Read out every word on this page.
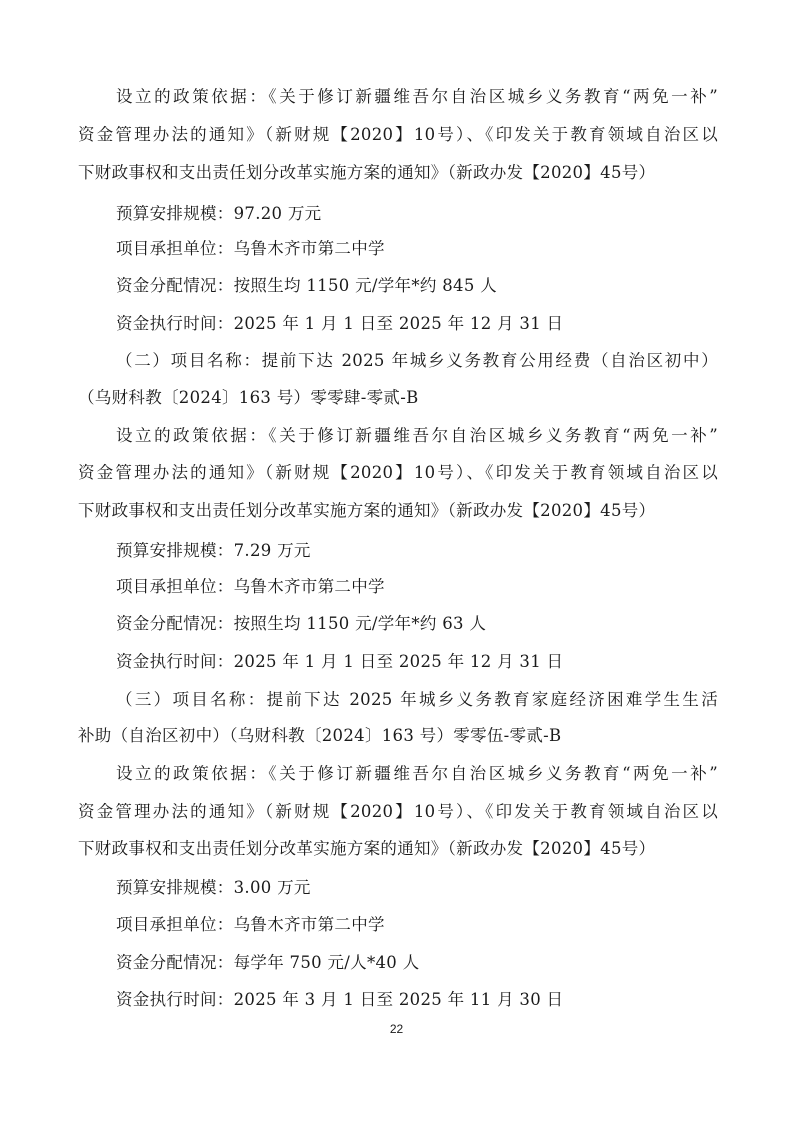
设立的政策依据：《关于修订新疆维吾尔自治区城乡义务教育“两免一补”
资金管理办法的通知》（新财规【2020】10号）、《印发关于教育领域自治区以
下财政事权和支出责任划分改革实施方案的通知》（新政办发【2020】45号）
预算安排规模：97.20 万元
项目承担单位：乌鲁木齐市第二中学
资金分配情况：按照生均 1150 元/学年*约 845 人
资金执行时间：2025 年 1 月 1 日至 2025 年 12 月 31 日
（二）项目名称：提前下达 2025 年城乡义务教育公用经费（自治区初中）
（乌财科教〔2024〕163 号）零零肆-零贰-B
设立的政策依据：《关于修订新疆维吾尔自治区城乡义务教育“两免一补”
资金管理办法的通知》（新财规【2020】10号）、《印发关于教育领域自治区以
下财政事权和支出责任划分改革实施方案的通知》（新政办发【2020】45号）
预算安排规模：7.29 万元
项目承担单位：乌鲁木齐市第二中学
资金分配情况：按照生均 1150 元/学年*约 63 人
资金执行时间：2025 年 1 月 1 日至 2025 年 12 月 31 日
（三）项目名称：提前下达 2025 年城乡义务教育家庭经济困难学生生活
补助（自治区初中）（乌财科教〔2024〕163 号）零零伍-零贰-B
设立的政策依据：《关于修订新疆维吾尔自治区城乡义务教育“两免一补”
资金管理办法的通知》（新财规【2020】10号）、《印发关于教育领域自治区以
下财政事权和支出责任划分改革实施方案的通知》（新政办发【2020】45号）
预算安排规模：3.00 万元
项目承担单位：乌鲁木齐市第二中学
资金分配情况：每学年 750 元/人*40 人
资金执行时间：2025 年 3 月 1 日至 2025 年 11 月 30 日
22
